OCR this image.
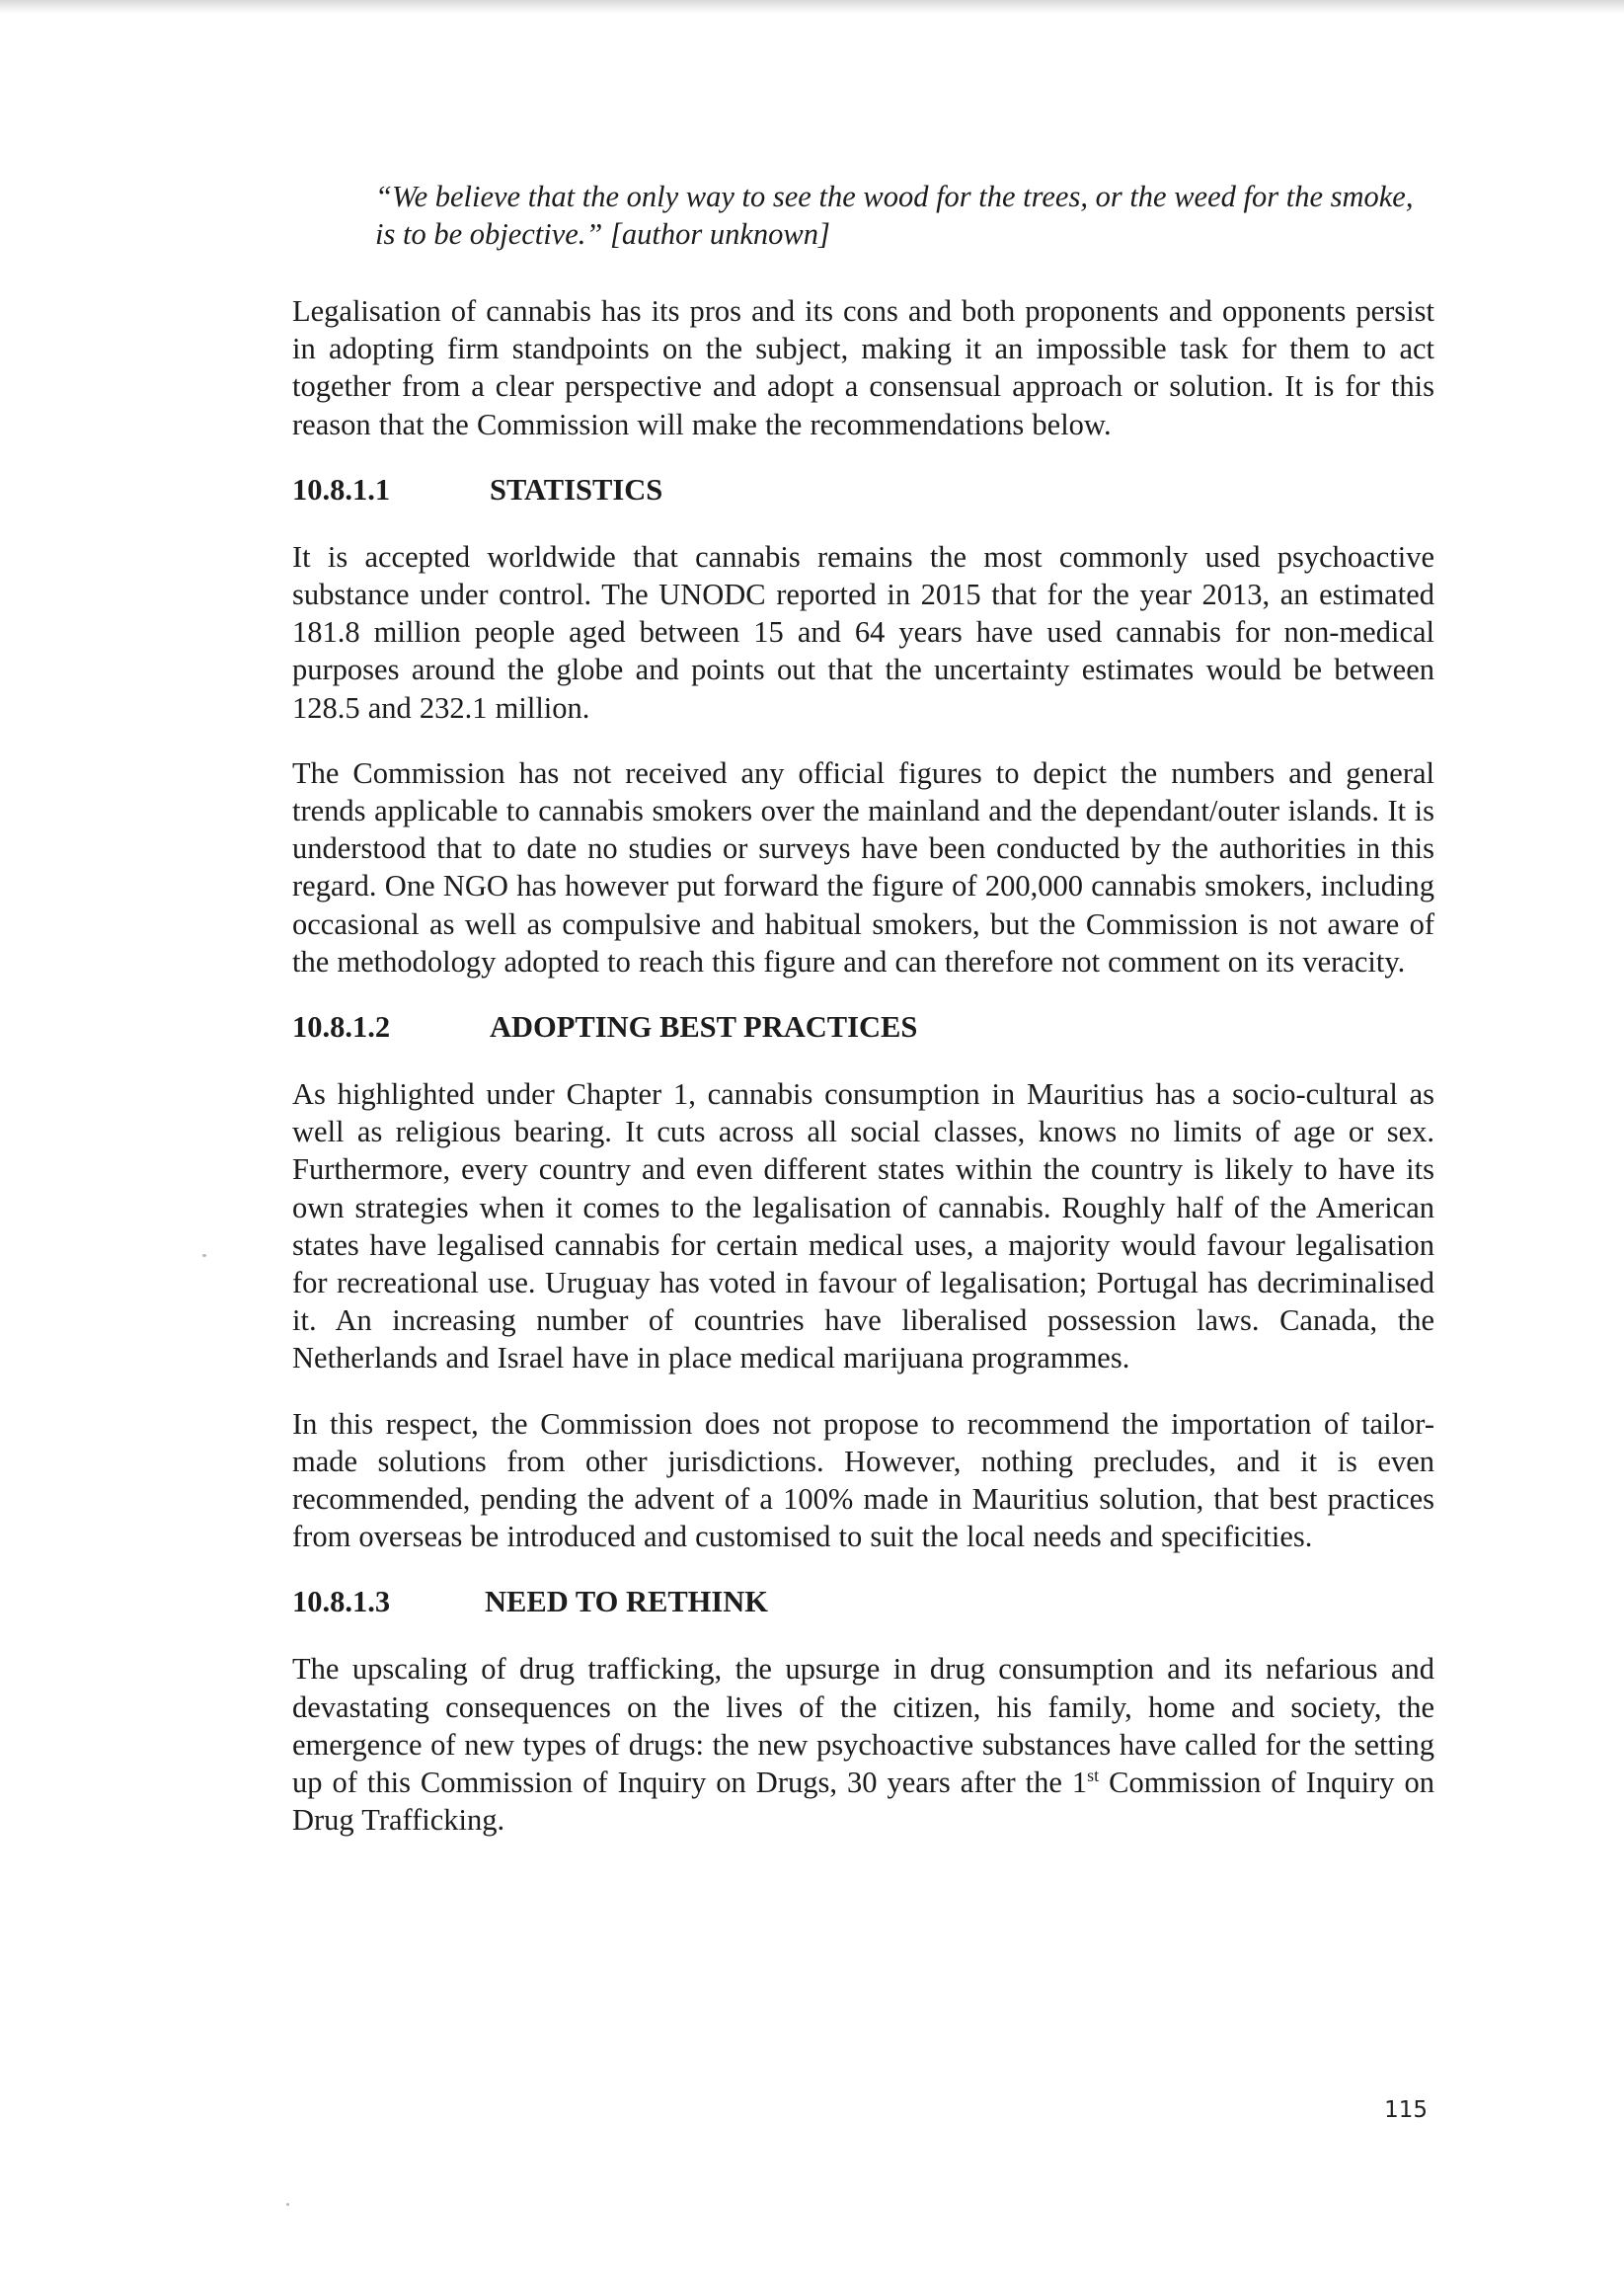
“We believe that the only way to see the wood for the trees, or the weed for the smoke, is to be objective.” [author unknown]

Legalisation of cannabis has its pros and its cons and both proponents and opponents persist in adopting firm standpoints on the subject, making it an impossible task for them to act together from a clear perspective and adopt a consensual approach or solution. It is for this reason that the Commission will make the recommendations below.

10.8.1.1	STATISTICS

It is accepted worldwide that cannabis remains the most commonly used psychoactive substance under control. The UNODC reported in 2015 that for the year 2013, an estimated 181.8 million people aged between 15 and 64 years have used cannabis for non-medical purposes around the globe and points out that the uncertainty estimates would be between 128.5 and 232.1 million.

The Commission has not received any official figures to depict the numbers and general trends applicable to cannabis smokers over the mainland and the dependant/outer islands. It is understood that to date no studies or surveys have been conducted by the authorities in this regard. One NGO has however put forward the figure of 200,000 cannabis smokers, including occasional as well as compulsive and habitual smokers, but the Commission is not aware of the methodology adopted to reach this figure and can therefore not comment on its veracity.

10.8.1.2	ADOPTING BEST PRACTICES

As highlighted under Chapter 1, cannabis consumption in Mauritius has a socio-cultural as well as religious bearing. It cuts across all social classes, knows no limits of age or sex. Furthermore, every country and even different states within the country is likely to have its own strategies when it comes to the legalisation of cannabis. Roughly half of the American states have legalised cannabis for certain medical uses, a majority would favour legalisation for recreational use. Uruguay has voted in favour of legalisation; Portugal has decriminalised it. An increasing number of countries have liberalised possession laws. Canada, the Netherlands and Israel have in place medical marijuana programmes.

In this respect, the Commission does not propose to recommend the importation of tailor-made solutions from other jurisdictions. However, nothing precludes, and it is even recommended, pending the advent of a 100% made in Mauritius solution, that best practices from overseas be introduced and customised to suit the local needs and specificities.

10.8.1.3	NEED TO RETHINK

The upscaling of drug trafficking, the upsurge in drug consumption and its nefarious and devastating consequences on the lives of the citizen, his family, home and society, the emergence of new types of drugs: the new psychoactive substances have called for the setting up of this Commission of Inquiry on Drugs, 30 years after the 1st Commission of Inquiry on Drug Trafficking.

115
